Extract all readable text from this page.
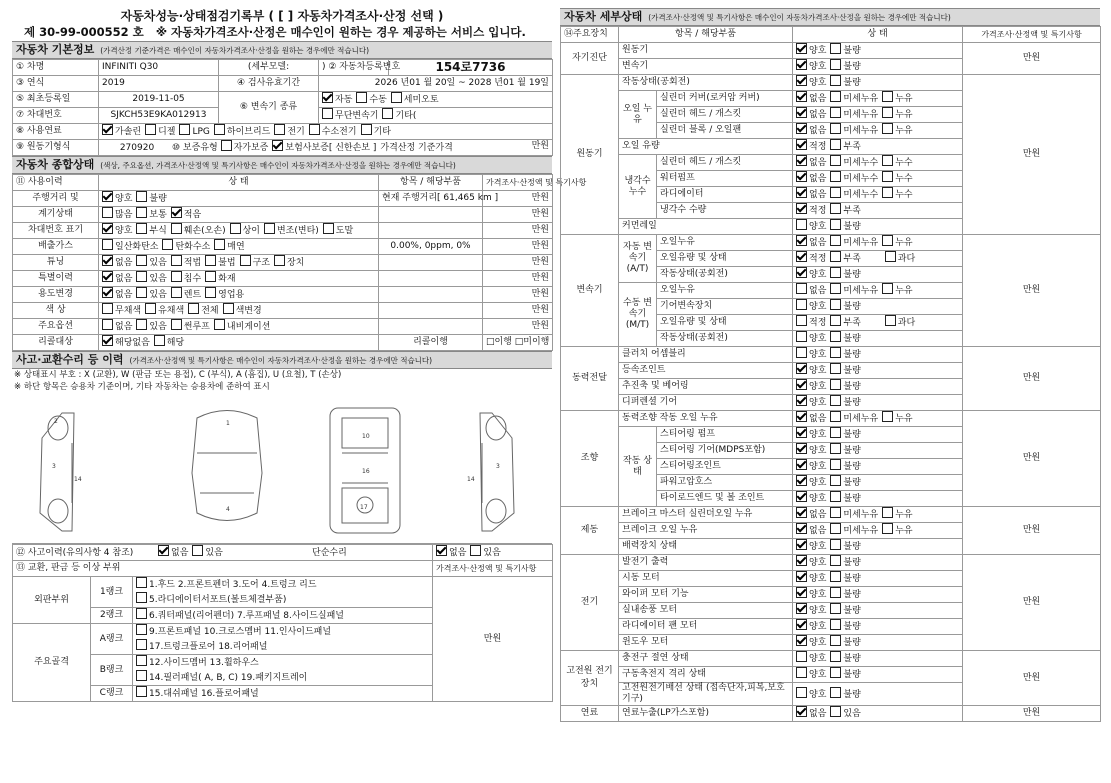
자동차성능·상태점검기록부 ( [ ] 자동차가격조사·산정 선택 )
제 30-99-000552 호 ※ 자동차가격조사·산정은 매수인이 원하는 경우 제공하는 서비스 입니다.
자동차 기본정보 (가격산정 기준가격은 매수인이 자동차가격조사·산정을 원하는 경우에만 적습니다)
① 차명	INFINITI Q30	(세부모델:	) ② 자동차등록번호	154로7736
③ 연식	2019	④ 검사유효기간	2026 년01 월 20일 ~ 2028 년01 월 19일	
⑤ 최초등록일	2019-11-05	⑥ 변속기 종류	자동 수동 세미오토	
⑦ 차대번호	SJKCH53E9KA012913		무단변속기 기타(	
⑧ 사용연료	가솔린 디젤 LPG 하이브리드 전기 수소전기 기타			
⑨ 원동기형식	270920 ⑩ 보증유형 자가보증 보험사보증[ 신한손보 ] 가격산정 기준가격 만원			
자동차 종합상태 (색상, 주요옵션, 가격조사·산정액 및 특기사항은 매수인이 자동차가격조사·산정을 원하는 경우에만 적습니다)
⑪ 사용이력	상 태	항목 / 해당부품	가격조사·산정액 및 특기사항
주행거리 및	양호 불량	현재 주행거리[ 61,465 km ]	만원
계기상태	많음 보통 적음		만원
차대번호 표기	양호 부식 훼손(오손) 상이 변조(변타) 도말		만원
배출가스	일산화탄소 탄화수소 매연	0.00%, 0ppm, 0%	만원
튜닝	없음 있음 적법 불법 구조 장치		만원
특별이력	없음 있음 침수 화재		만원
용도변경	없음 있음 렌트 영업용		만원
색 상	무채색 유채색 전체 색변경		만원
주요옵션	없음 있음 썬루프 내비게이션		만원
리콜대상	해당없음 해당	리콜이행	□이행 □미이행
사고·교환수리 등 이력 (가격조사·산정액 및 특기사항은 매수인이 자동차가격조사·산정을 원하는 경우에만 적습니다)
※ 상태표시 부호 : X (교환), W (판금 또는 용접), C (부식), A (흠집), U (요철), T (손상)
※ 하단 항목은 승용차 기준이며, 기타 자동차는 승용차에 준하여 표시
2
3
14
1
4
10
16
17
3
14
⑫ 사고이력(유의사항 4 참조) 없음 있음 단순수리			없음 있음
⑬ 교환, 판금 등 이상 부위			가격조사·산정액 및 특기사항
외판부위	1랭크	1.후드 2.프론트펜더 3.도어 4.트렁크 리드
5.라디에이터서포트(볼트체결부품)	만원
	2랭크	6.쿼터패널(리어펜더) 7.루프패널 8.사이드실패널	
주요골격	A랭크	9.프론트패널 10.크로스멤버 11.인사이드패널
17.트렁크플로어 18.리어패널	
	B랭크	12.사이드멤버 13.휠하우스
14.필러패널( A, B, C) 19.패키지트레이	
	C랭크	15.대쉬패널 16.플로어패널	
자동차 세부상태 (가격조사·산정액 및 특기사항은 매수인이 자동차가격조사·산정을 원하는 경우에만 적습니다)
⑭주요장치	항목 / 해당부품		상 태	가격조사·산정액 및 특기사항
자기진단	원동기		양호 불량	만원
	변속기		양호 불량	
원동기	작동상태(공회전)		양호 불량	만원
	오일 누유	실린더 커버(로커암 커버)	없음 미세누유 누유	
		실린더 헤드 / 개스킷	없음 미세누유 누유	
		실린더 블록 / 오일팬	없음 미세누유 누유	
	오일 유량		적정 부족	
	냉각수 누수	실린더 헤드 / 개스킷	없음 미세누수 누수	
		워터펌프	없음 미세누수 누수	
		라디에이터	없음 미세누수 누수	
		냉각수 수량	적정 부족	
	커먼레일		양호 불량	
변속기	자동 변속기 (A/T)	오일누유	없음 미세누유 누유	만원
		오일유량 및 상태	적정 부족 과다	
		작동상태(공회전)	양호 불량	
	수동 변속기 (M/T)	오일누유	없음 미세누유 누유	
		기어변속장치	양호 불량	
		오일유량 및 상태	적정 부족 과다	
		작동상태(공회전)	양호 불량	
동력전달	클러치 어셈블리		양호 불량	만원
	등속조인트		양호 불량	
	추진축 및 베어링		양호 불량	
	디퍼렌셜 기어		양호 불량	
조향	동력조향 작동 오일 누유		없음 미세누유 누유	만원
	작동 상태	스티어링 펌프	양호 불량	
		스티어링 기어(MDPS포함)	양호 불량	
		스티어링조인트	양호 불량	
		파워고압호스	양호 불량	
		타이로드엔드 및 볼 조인트	양호 불량	
제동	브레이크 마스터 실린더오일 누유		없음 미세누유 누유	만원
	브레이크 오일 누유		없음 미세누유 누유	
	배력장치 상태		양호 불량	
전기	발전기 출력		양호 불량	만원
	시동 모터		양호 불량	
	와이퍼 모터 기능		양호 불량	
	실내송풍 모터		양호 불량	
	라디에이터 팬 모터		양호 불량	
	윈도우 모터		양호 불량	
고전원 전기장치	충전구 절연 상태		양호 불량	만원
	구동축전지 격리 상태		양호 불량	
	고전원전기배선 상태 (접속단자,피복,보호기구)		양호 불량	
연료	연료누출(LP가스포함)		없음 있음	만원
